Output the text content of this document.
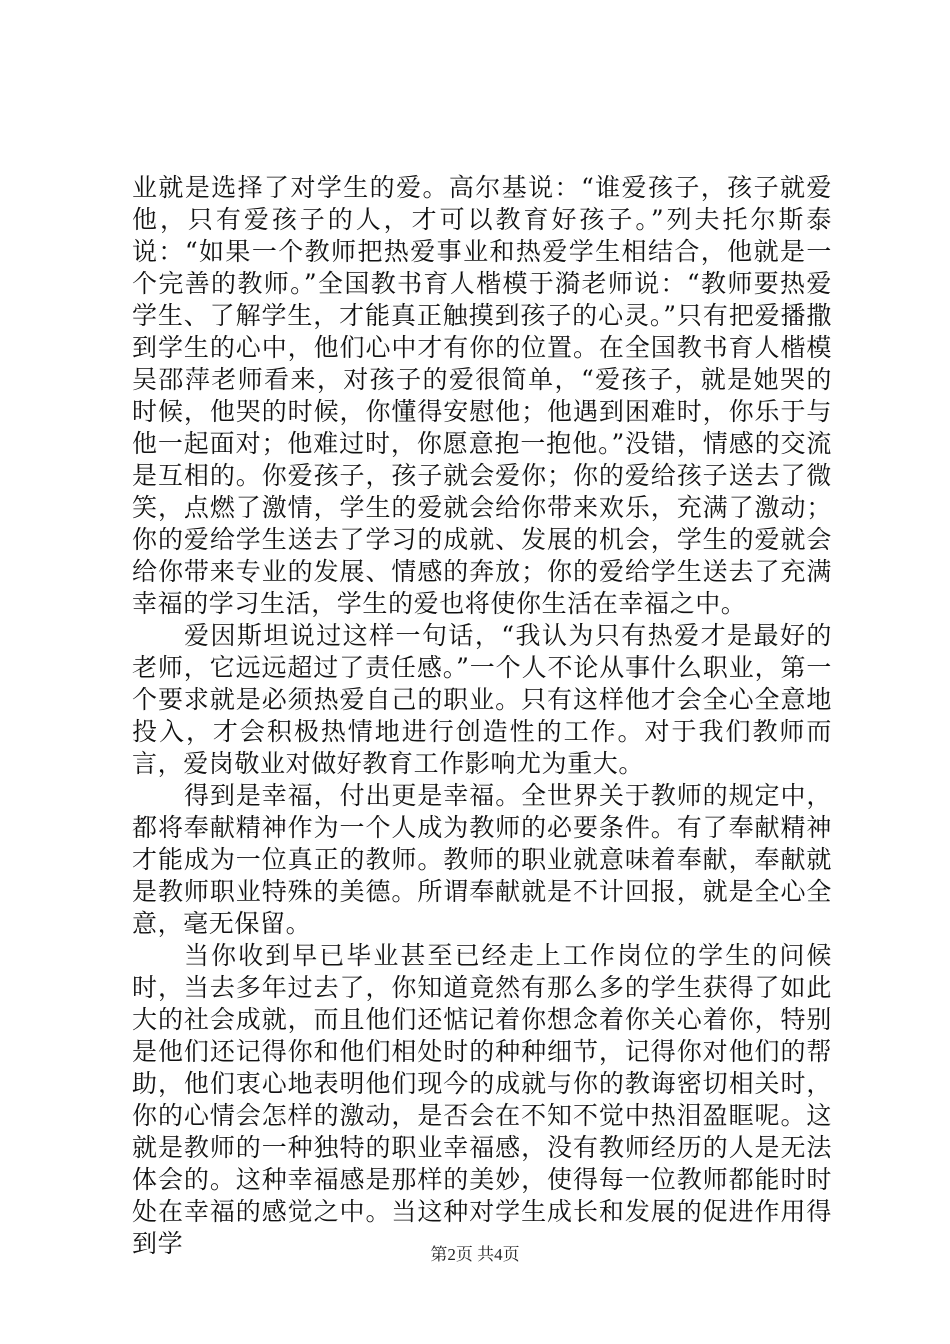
业就是选择了对学生的爱。高尔基说：“谁爱孩子，孩子就爱他，只有爱孩子的人，才可以教育好孩子。”列夫托尔斯泰说：“如果一个教师把热爱事业和热爱学生相结合，他就是一个完善的教师。”全国教书育人楷模于漪老师说：“教师要热爱学生、了解学生，才能真正触摸到孩子的心灵。”只有把爱播撒到学生的心中，他们心中才有你的位置。在全国教书育人楷模吴邵萍老师看来，对孩子的爱很简单，“爱孩子，就是她哭的时候，他哭的时候，你懂得安慰他；他遇到困难时，你乐于与他一起面对；他难过时，你愿意抱一抱他。”没错，情感的交流是互相的。你爱孩子，孩子就会爱你；你的爱给孩子送去了微笑，点燃了激情，学生的爱就会给你带来欢乐，充满了激动；你的爱给学生送去了学习的成就、发展的机会，学生的爱就会给你带来专业的发展、情感的奔放；你的爱给学生送去了充满幸福的学习生活，学生的爱也将使你生活在幸福之中。

爱因斯坦说过这样一句话，“我认为只有热爱才是最好的老师，它远远超过了责任感。”一个人不论从事什么职业，第一个要求就是必须热爱自己的职业。只有这样他才会全心全意地投入，才会积极热情地进行创造性的工作。对于我们教师而言，爱岗敬业对做好教育工作影响尤为重大。

得到是幸福，付出更是幸福。全世界关于教师的规定中，都将奉献精神作为一个人成为教师的必要条件。有了奉献精神才能成为一位真正的教师。教师的职业就意味着奉献，奉献就是教师职业特殊的美德。所谓奉献就是不计回报，就是全心全意，毫无保留。

当你收到早已毕业甚至已经走上工作岗位的学生的问候时，当去多年过去了，你知道竟然有那么多的学生获得了如此大的社会成就，而且他们还惦记着你想念着你关心着你，特别是他们还记得你和他们相处时的种种细节，记得你对他们的帮助，他们衷心地表明他们现今的成就与你的教诲密切相关时，你的心情会怎样的激动，是否会在不知不觉中热泪盈眶呢。这就是教师的一种独特的职业幸福感，没有教师经历的人是无法体会的。这种幸福感是那样的美妙，使得每一位教师都能时时处在幸福的感觉之中。当这种对学生成长和发展的促进作用得到学	第2页 共4页
